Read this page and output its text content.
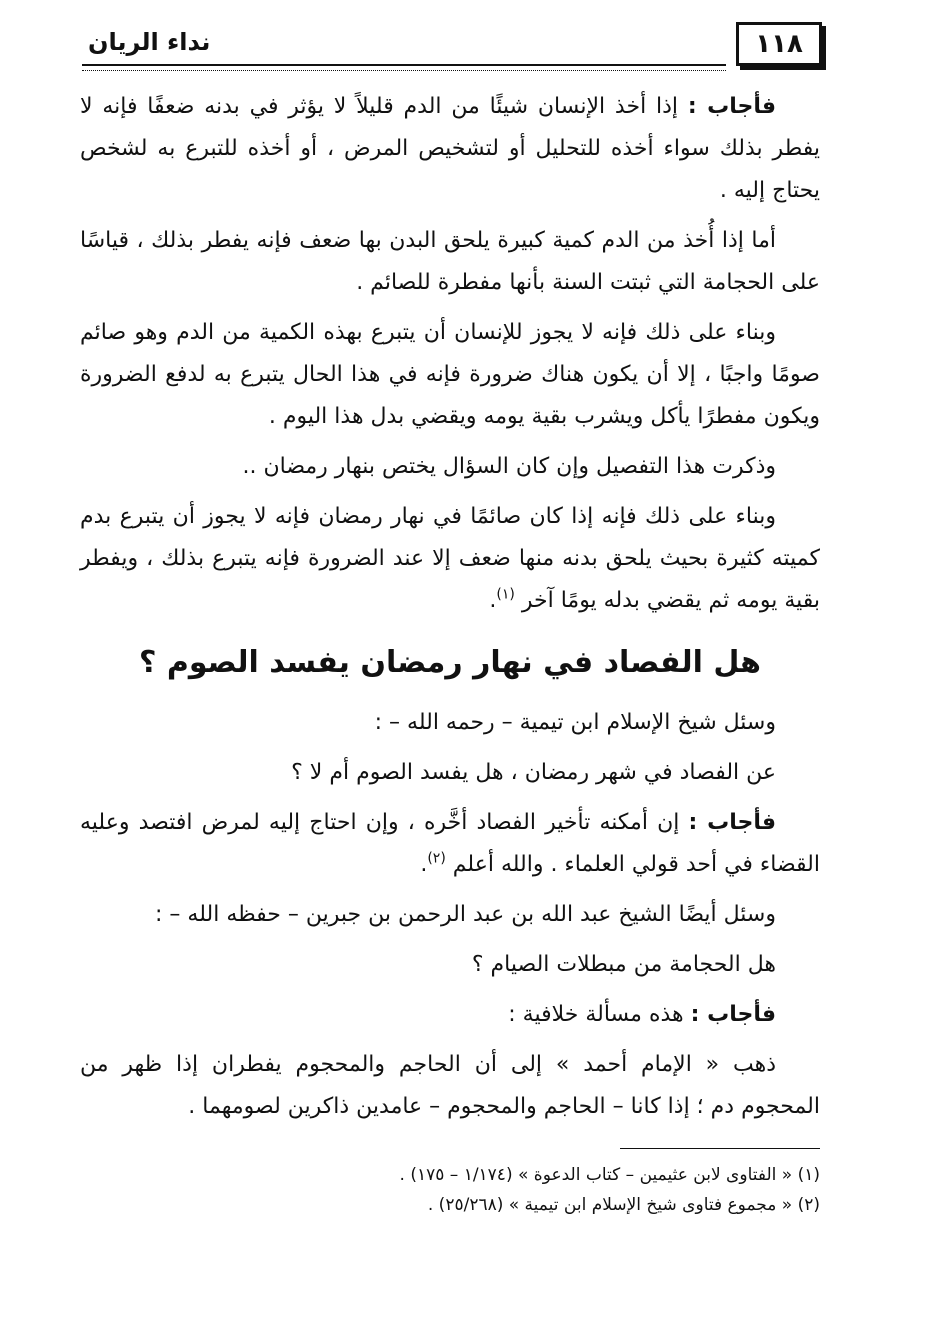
١١٨
نداء الريان

فأجاب : إذا أخذ الإنسان شيئًا من الدم قليلاً لا يؤثر في بدنه ضعفًا فإنه لا يفطر بذلك سواء أخذه للتحليل أو لتشخيص المرض ، أو أخذه للتبرع به لشخص يحتاج إليه .

أما إذا أُخذ من الدم كمية كبيرة يلحق البدن بها ضعف فإنه يفطر بذلك ، قياسًا على الحجامة التي ثبتت السنة بأنها مفطرة للصائم .

وبناء على ذلك فإنه لا يجوز للإنسان أن يتبرع بهذه الكمية من الدم وهو صائم صومًا واجبًا ، إلا أن يكون هناك ضرورة فإنه في هذا الحال يتبرع به لدفع الضرورة ويكون مفطرًا يأكل ويشرب بقية يومه ويقضي بدل هذا اليوم .

وذكرت هذا التفصيل وإن كان السؤال يختص بنهار رمضان ..

وبناء على ذلك فإنه إذا كان صائمًا في نهار رمضان فإنه لا يجوز أن يتبرع بدم كميته كثيرة بحيث يلحق بدنه منها ضعف إلا عند الضرورة فإنه يتبرع بذلك ، ويفطر بقية يومه ثم يقضي بدله يومًا آخر $^{(١)}$.

هل الفصاد في نهار رمضان يفسد الصوم ؟

وسئل شيخ الإسلام ابن تيمية – رحمه الله – :

عن الفصاد في شهر رمضان ، هل يفسد الصوم أم لا ؟

فأجاب : إن أمكنه تأخير الفصاد أخَّره ، وإن احتاج إليه لمرض افتصد وعليه القضاء في أحد قولي العلماء . والله أعلم $^{(٢)}$.

وسئل أيضًا الشيخ عبد الله بن عبد الرحمن بن جبرين – حفظه الله – :

هل الحجامة من مبطلات الصيام ؟

فأجاب : هذه مسألة خلافية :

ذهب « الإمام أحمد » إلى أن الحاجم والمحجوم يفطران إذا ظهر من المحجوم دم ؛ إذا كانا – الحاجم والمحجوم – عامدين ذاكرين لصومهما .

(١) « الفتاوى لابن عثيمين – كتاب الدعوة » (١/١٧٤ – ١٧٥) .
(٢) « مجموع فتاوى شيخ الإسلام ابن تيمية » (٢٥/٢٦٨) .
